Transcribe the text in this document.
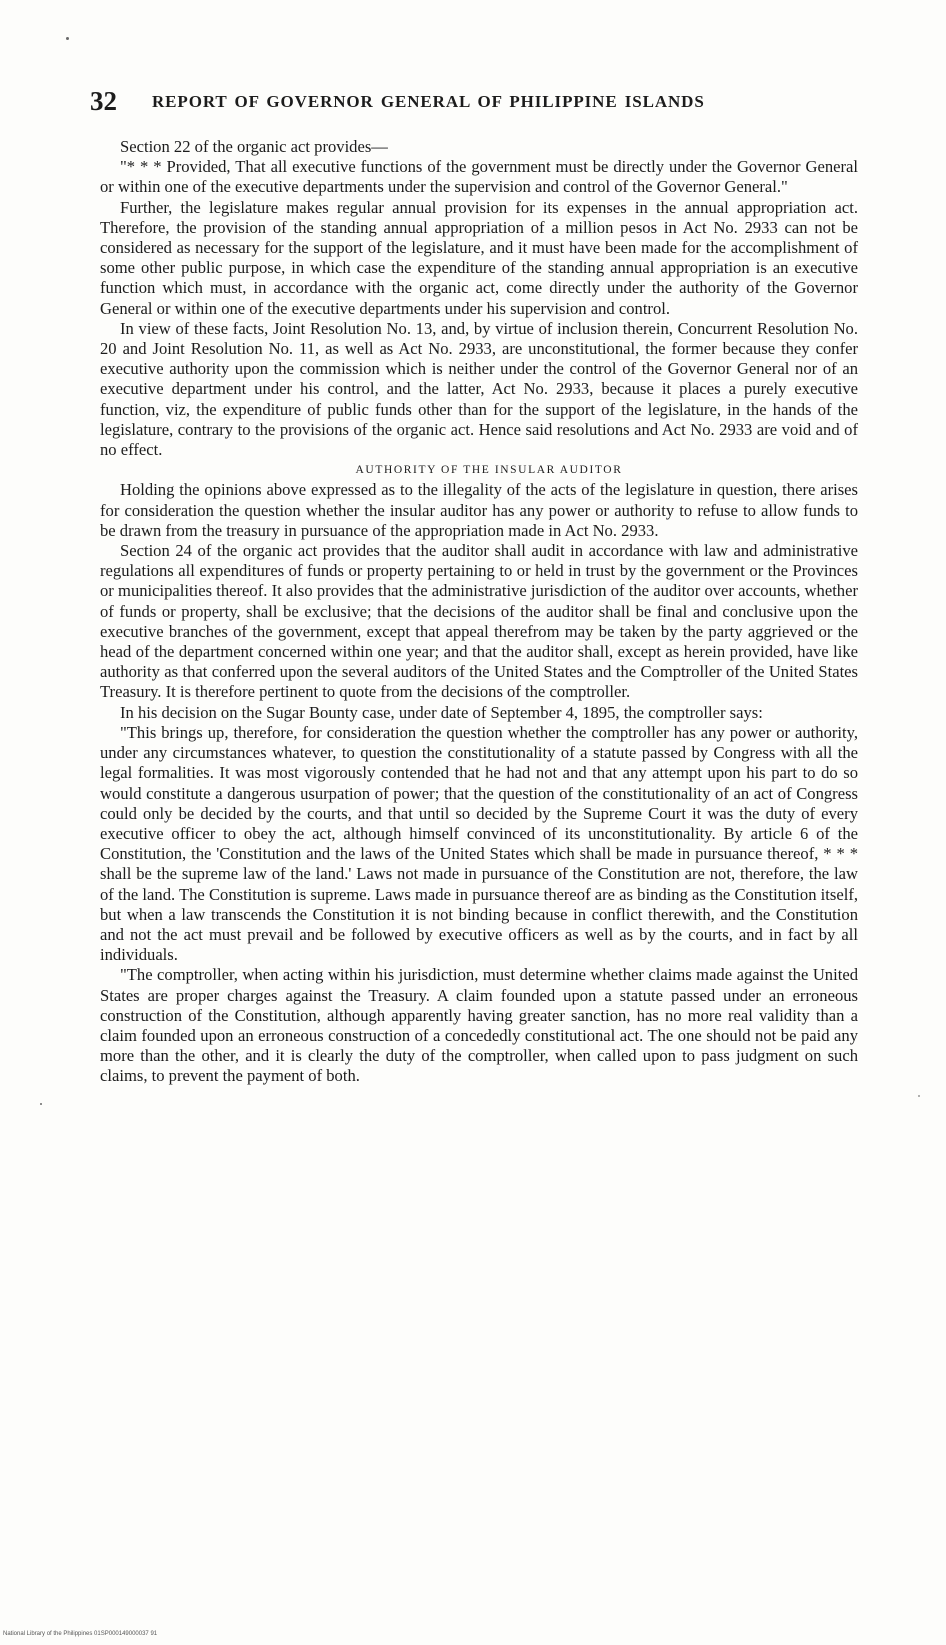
32 REPORT OF GOVERNOR GENERAL OF PHILIPPINE ISLANDS

Section 22 of the organic act provides—

"* * * Provided, That all executive functions of the government must be directly under the Governor General or within one of the executive departments under the supervision and control of the Governor General."

Further, the legislature makes regular annual provision for its expenses in the annual appropriation act. Therefore, the provision of the standing annual appropriation of a million pesos in Act No. 2933 can not be considered as necessary for the support of the legislature, and it must have been made for the accomplishment of some other public purpose, in which case the expenditure of the standing annual appropriation is an executive function which must, in accordance with the organic act, come directly under the authority of the Governor General or within one of the executive departments under his supervision and control.

In view of these facts, Joint Resolution No. 13, and, by virtue of inclusion therein, Concurrent Resolution No. 20 and Joint Resolution No. 11, as well as Act No. 2933, are unconstitutional, the former because they confer executive authority upon the commission which is neither under the control of the Governor General nor of an executive department under his control, and the latter, Act No. 2933, because it places a purely executive function, viz, the expenditure of public funds other than for the support of the legislature, in the hands of the legislature, contrary to the provisions of the organic act. Hence said resolutions and Act No. 2933 are void and of no effect.

AUTHORITY OF THE INSULAR AUDITOR

Holding the opinions above expressed as to the illegality of the acts of the legislature in question, there arises for consideration the question whether the insular auditor has any power or authority to refuse to allow funds to be drawn from the treasury in pursuance of the appropriation made in Act No. 2933.

Section 24 of the organic act provides that the auditor shall audit in accordance with law and administrative regulations all expenditures of funds or property pertaining to or held in trust by the government or the Provinces or municipalities thereof. It also provides that the administrative jurisdiction of the auditor over accounts, whether of funds or property, shall be exclusive; that the decisions of the auditor shall be final and conclusive upon the executive branches of the government, except that appeal therefrom may be taken by the party aggrieved or the head of the department concerned within one year; and that the auditor shall, except as herein provided, have like authority as that conferred upon the several auditors of the United States and the Comptroller of the United States Treasury. It is therefore pertinent to quote from the decisions of the comptroller.

In his decision on the Sugar Bounty case, under date of September 4, 1895, the comptroller says:

"This brings up, therefore, for consideration the question whether the comptroller has any power or authority, under any circumstances whatever, to question the constitutionality of a statute passed by Congress with all the legal formalities. It was most vigorously contended that he had not and that any attempt upon his part to do so would constitute a dangerous usurpation of power; that the question of the constitutionality of an act of Congress could only be decided by the courts, and that until so decided by the Supreme Court it was the duty of every executive officer to obey the act, although himself convinced of its unconstitutionality. By article 6 of the Constitution, the 'Constitution and the laws of the United States which shall be made in pursuance thereof, * * * shall be the supreme law of the land.' Laws not made in pursuance of the Constitution are not, therefore, the law of the land. The Constitution is supreme. Laws made in pursuance thereof are as binding as the Constitution itself, but when a law transcends the Constitution it is not binding because in conflict therewith, and the Constitution and not the act must prevail and be followed by executive officers as well as by the courts, and in fact by all individuals.

"The comptroller, when acting within his jurisdiction, must determine whether claims made against the United States are proper charges against the Treasury. A claim founded upon a statute passed under an erroneous construction of the Constitution, although apparently having greater sanction, has no more real validity than a claim founded upon an erroneous construction of a concededly constitutional act. The one should not be paid any more than the other, and it is clearly the duty of the comptroller, when called upon to pass judgment on such claims, to prevent the payment of both.

National Library of the Philippines 01SP000149000037 91
